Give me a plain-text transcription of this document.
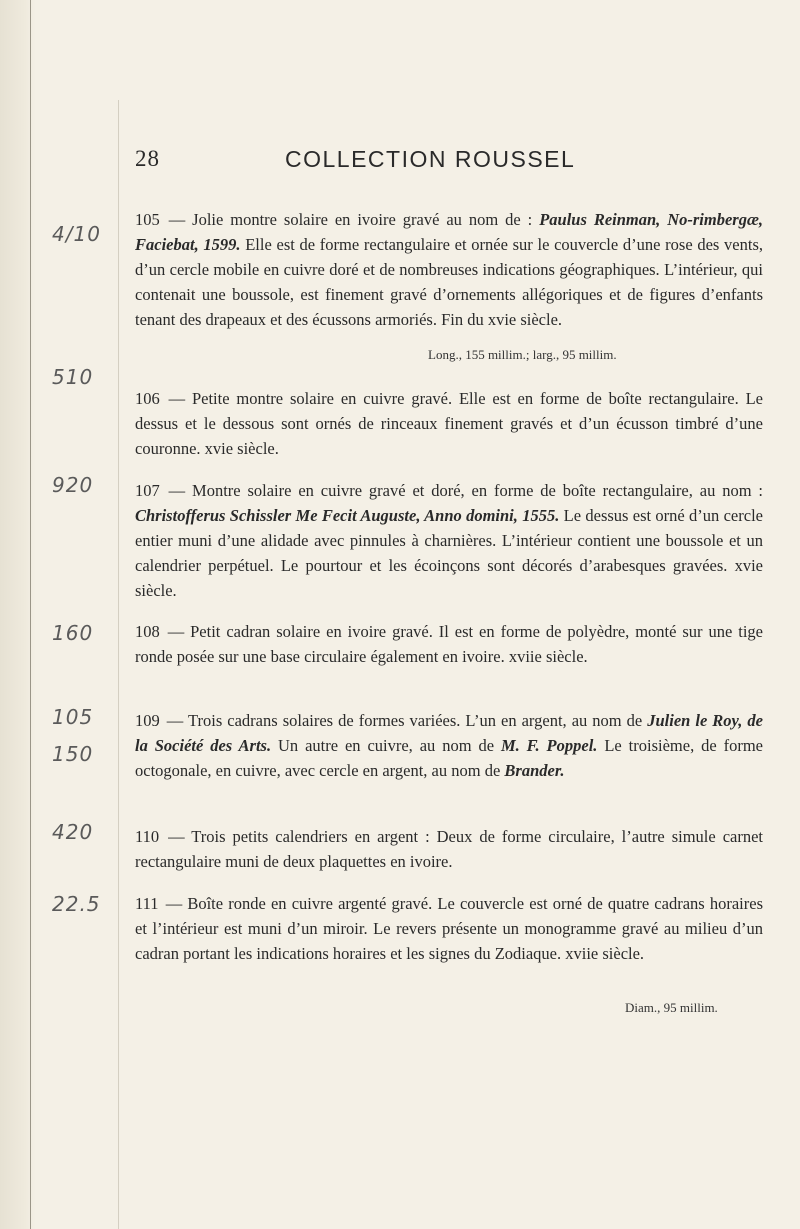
28	COLLECTION ROUSSEL
4/10
510
920
160
105
150
420
22.5
105 — Jolie montre solaire en ivoire gravé au nom de : Paulus Reinman, No-rimbergæ, Faciebat, 1599. Elle est de forme rectangulaire et ornée sur le couvercle d’une rose des vents, d’un cercle mobile en cuivre doré et de nombreuses indications géographiques. L’intérieur, qui contenait une boussole, est finement gravé d’ornements allégoriques et de figures d’enfants tenant des drapeaux et des écussons armoriés. Fin du xvie siècle.
Long., 155 millim.; larg., 95 millim.
106 — Petite montre solaire en cuivre gravé. Elle est en forme de boîte rectangulaire. Le dessus et le dessous sont ornés de rinceaux finement gravés et d’un écusson timbré d’une couronne. xvie siècle.
107 — Montre solaire en cuivre gravé et doré, en forme de boîte rectangulaire, au nom : Christofferus Schissler Me Fecit Auguste, Anno domini, 1555. Le dessus est orné d’un cercle entier muni d’une alidade avec pinnules à charnières. L’intérieur contient une boussole et un calendrier perpétuel. Le pourtour et les écoinçons sont décorés d’arabesques gravées. xvie siècle.
108 — Petit cadran solaire en ivoire gravé. Il est en forme de polyèdre, monté sur une tige ronde posée sur une base circulaire également en ivoire. xviie siècle.
109 — Trois cadrans solaires de formes variées. L’un en argent, au nom de Julien le Roy, de la Société des Arts. Un autre en cuivre, au nom de M. F. Poppel. Le troisième, de forme octogonale, en cuivre, avec cercle en argent, au nom de Brander.
110 — Trois petits calendriers en argent : Deux de forme circulaire, l’autre simule carnet rectangulaire muni de deux plaquettes en ivoire.
111 — Boîte ronde en cuivre argenté gravé. Le couvercle est orné de quatre cadrans horaires et l’intérieur est muni d’un miroir. Le revers présente un monogramme gravé au milieu d’un cadran portant les indications horaires et les signes du Zodiaque. xviie siècle.
Diam., 95 millim.
